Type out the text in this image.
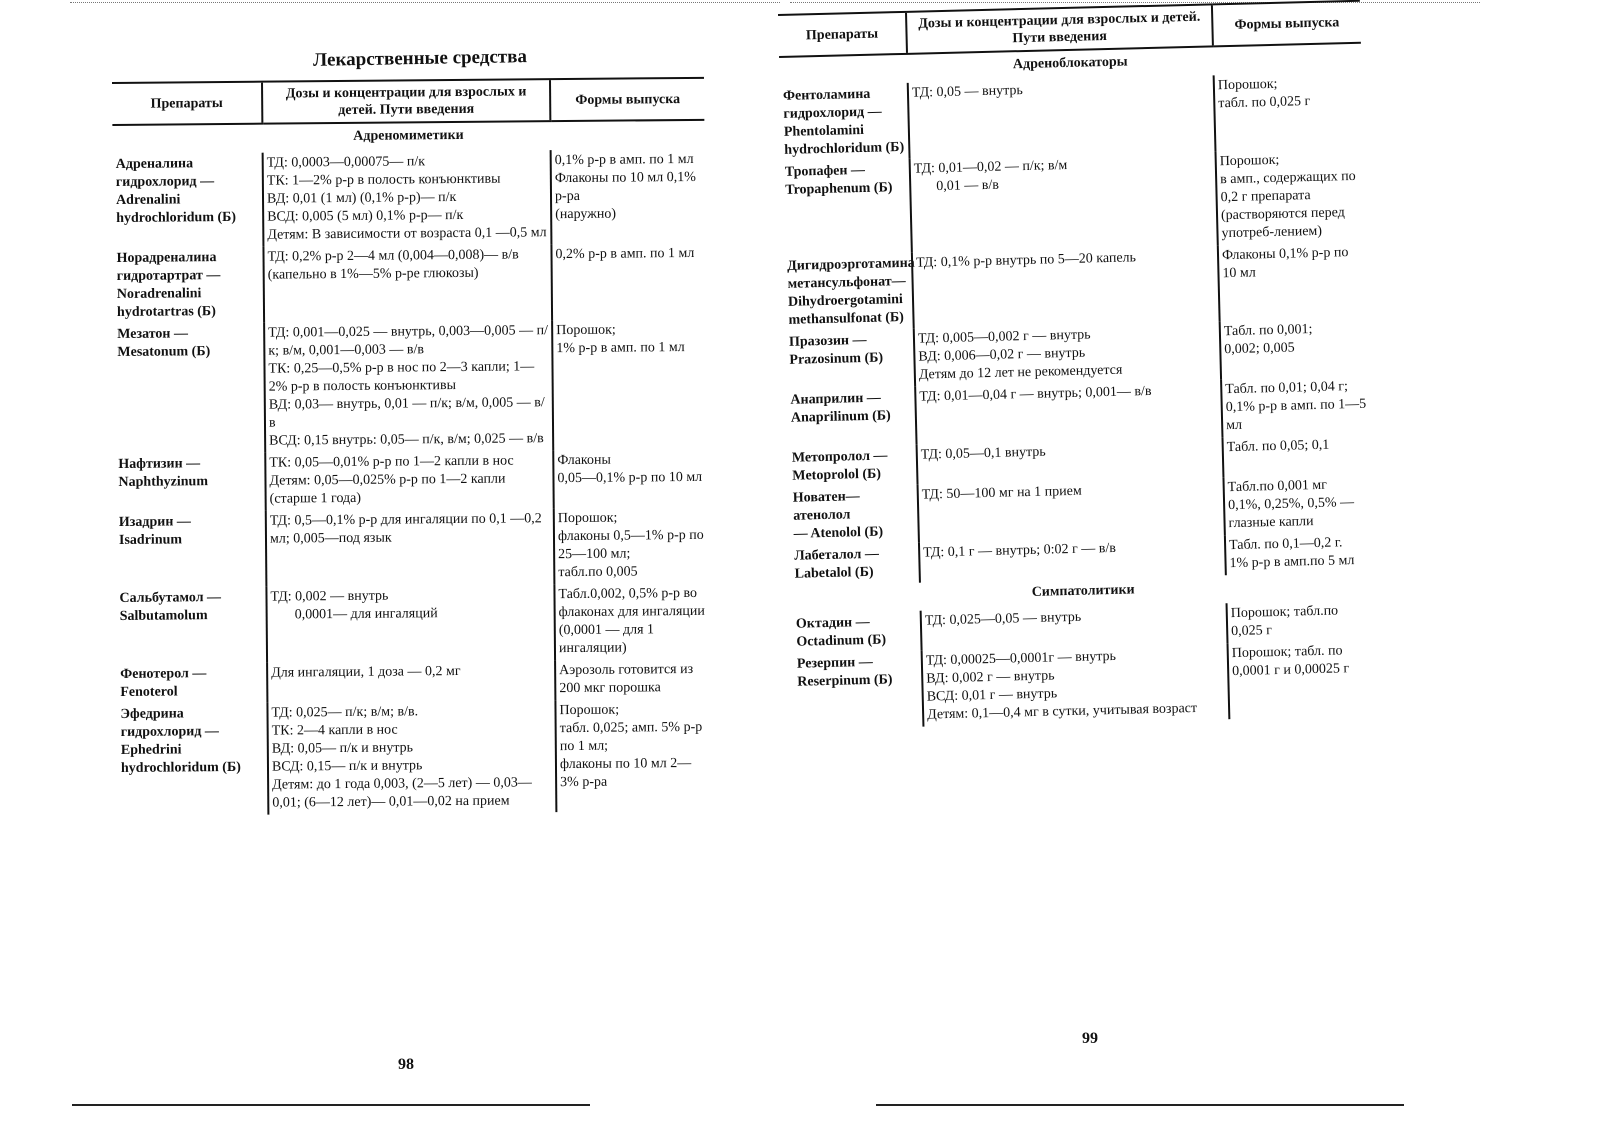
Лекарственные средства
Препараты	Дозы и концентрации для взрослых и детей. Пути введения	Формы выпуска
Адреномиметики		

Адреналина
гидрохлорид —
Adrenalini
hydrochloridum (Б)	ТД: 0,0003—0,00075— п/к
ТК: 1—2% р-р в полость конъюнктивы
ВД: 0,01 (1 мл) (0,1% р-р)— п/к
ВСД: 0,005 (5 мл) 0,1% р-р— п/к
Детям: В зависимости от возраста 0,1 —0,5 мл	0,1% р-р в амп. по 1 мл
Флаконы по 10 мл 0,1% р-ра
(наружно)

Норадреналина
гидротартрат —
Noradrenalini
hydrotartras (Б)	ТД: 0,2% р-р 2—4 мл (0,004—0,008)— в/в (капельно в 1%—5% р-ре глюкозы)	0,2% р-р в амп. по 1 мл

Мезатон —
Mesatonum (Б)	ТД: 0,001—0,025 — внутрь, 0,003—0,005 — п/к; в/м, 0,001—0,003 — в/в
ТК: 0,25—0,5% р-р в нос по 2—3 капли; 1—2% р-р в полость конъюнктивы
ВД: 0,03— внутрь, 0,01 — п/к; в/м, 0,005 — в/в
ВСД: 0,15 внутрь: 0,05— п/к, в/м; 0,025 — в/в	Порошок;
1% р-р в амп. по 1 мл

Нафтизин —
Naphthyzinum	ТК: 0,05—0,01% р-р по 1—2 капли в нос
Детям: 0,05—0,025% р-р по 1—2 капли (старше 1 года)	Флаконы
0,05—0,1% р-р по 10 мл

Изадрин —
Isadrinum	ТД: 0,5—0,1% р-р для ингаляции по 0,1 —0,2 мл; 0,005—под язык	Порошок;
флаконы 0,5—1% р-р по 25—100 мл;
табл.по 0,005

Сальбутамол —
Salbutamolum	ТД: 0,002 — внутрь
0,0001— для ингаляций	Табл.0,002, 0,5% р-р во флаконах для ингаляции (0,0001 — для 1 ингаляции)

Фенотерол —
Fenoterol	Для ингаляции, 1 доза — 0,2 мг	Аэрозоль готовится из 200 мкг порошка

Эфедрина
гидрохлорид —
Ephedrini
hydrochloridum (Б)	ТД: 0,025— п/к; в/м; в/в.
ТК: 2—4 капли в нос
ВД: 0,05— п/к и внутрь
ВСД: 0,15— п/к и внутрь
Детям: до 1 года 0,003, (2—5 лет) — 0,03—0,01; (6—12 лет)— 0,01—0,02 на прием	Порошок;
табл. 0,025; амп. 5% р-р по 1 мл;
флаконы по 10 мл 2—3% р-ра
98
Препараты	Дозы и концентрации для взрослых и детей. Пути введения	Формы выпуска
Адреноблокаторы		

Фентоламина
гидрохлорид —
Phentolamini
hydrochloridum (Б)	ТД: 0,05 — внутрь	Порошок;
табл. по 0,025 г

Тропафен —
Tropaphenum (Б)	ТД: 0,01—0,02 — п/к; в/м
0,01 — в/в	Порошок;
в амп., содержащих по 0,2 г препарата (растворяются перед употреб-лением)

Дигидроэрготамина
метансульфонат—
Dihydroergotamini
methansulfonat (Б)	ТД: 0,1% р-р внутрь по 5—20 капель	Флаконы 0,1% р-р по 10 мл

Празозин —
Prazosinum (Б)	ТД: 0,005—0,002 г — внутрь
ВД: 0,006—0,02 г — внутрь
Детям до 12 лет не рекомендуется	Табл. по 0,001;
0,002; 0,005

Анаприлин —
Anaprilinum (Б)	ТД: 0,01—0,04 г — внутрь; 0,001— в/в	Табл. по 0,01; 0,04 г;
0,1% р-р в амп. по 1—5 мл

Метопролол —
Metoprolol (Б)	ТД: 0,05—0,1 внутрь	Табл. по 0,05; 0,1

Новатен— атенолол
— Atenolol (Б)	ТД: 50—100 мг на 1 прием	Табл.по 0,001 мг
0,1%, 0,25%, 0,5% — глазные капли

Лабеталол —
Labetalol (Б)	ТД: 0,1 г — внутрь; 0:02 г — в/в	Табл. по 0,1—0,2 г.
1% р-р в амп.по 5 мл

Симпатолитики		

Октадин —
Octadinum (Б)	ТД: 0,025—0,05 — внутрь	Порошок; табл.по
0,025 г

Резерпин —
Reserpinum (Б)	ТД: 0,00025—0,0001г — внутрь
ВД: 0,002 г — внутрь
ВСД: 0,01 г — внутрь
Детям: 0,1—0,4 мг в сутки, учитывая возраст	Порошок; табл. по
0,0001 г и 0,00025 г
99
